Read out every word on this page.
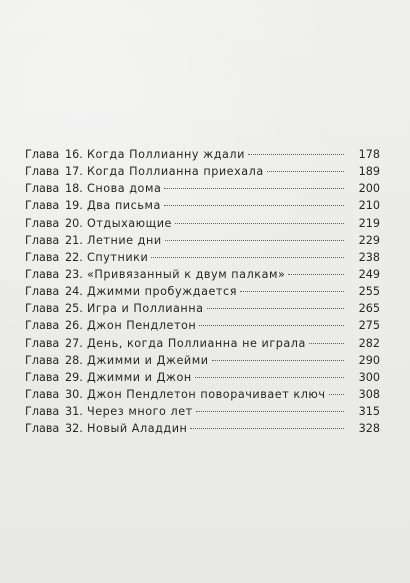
Глава 16. Когда Поллианну ждали	178
Глава 17. Когда Поллианна приехала	189
Глава 18. Снова дома	200
Глава 19. Два письма	210
Глава 20. Отдыхающие	219
Глава 21. Летние дни	229
Глава 22. Спутники	238
Глава 23. «Привязанный к двум палкам»	249
Глава 24. Джимми пробуждается	255
Глава 25. Игра и Поллианна	265
Глава 26. Джон Пендлетон	275
Глава 27. День, когда Поллианна не играла	282
Глава 28. Джимми и Джейми	290
Глава 29. Джимми и Джон	300
Глава 30. Джон Пендлетон поворачивает ключ	308
Глава 31. Через много лет	315
Глава 32. Новый Аладдин	328
